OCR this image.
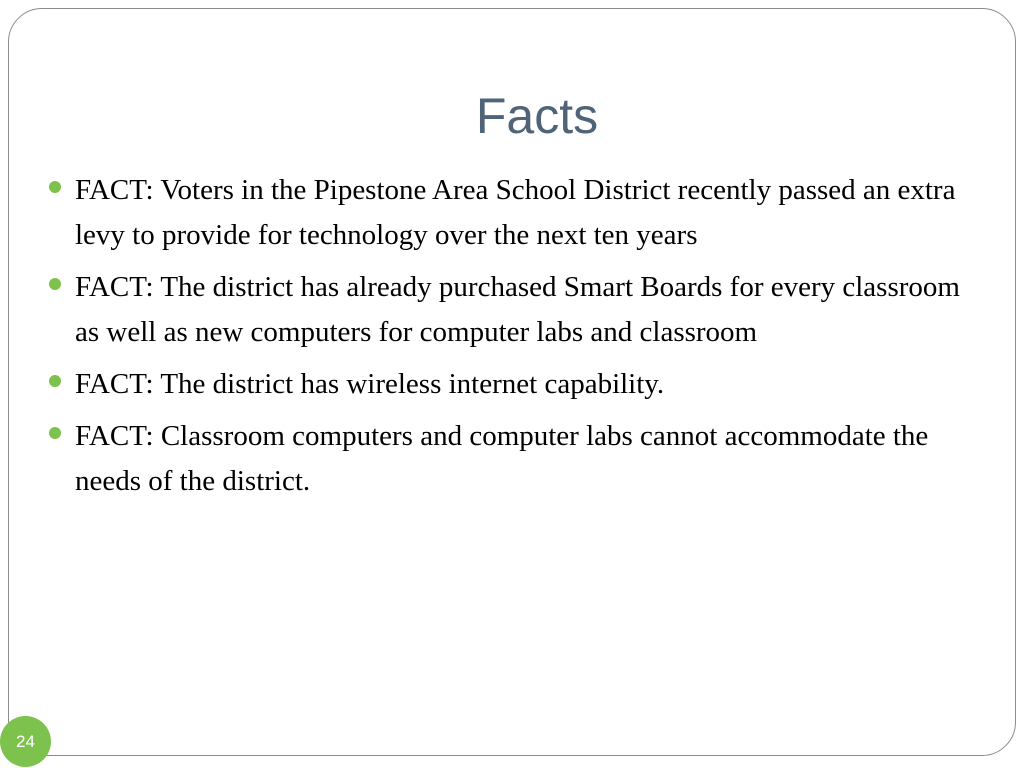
Facts
FACT: Voters in the Pipestone Area School District recently passed an extra levy to provide for technology over the next ten years
FACT: The district has already purchased Smart Boards for every classroom as well as new computers for computer labs and classroom
FACT: The district has wireless internet capability.
FACT: Classroom computers and computer labs cannot accommodate the needs of the district.
24
